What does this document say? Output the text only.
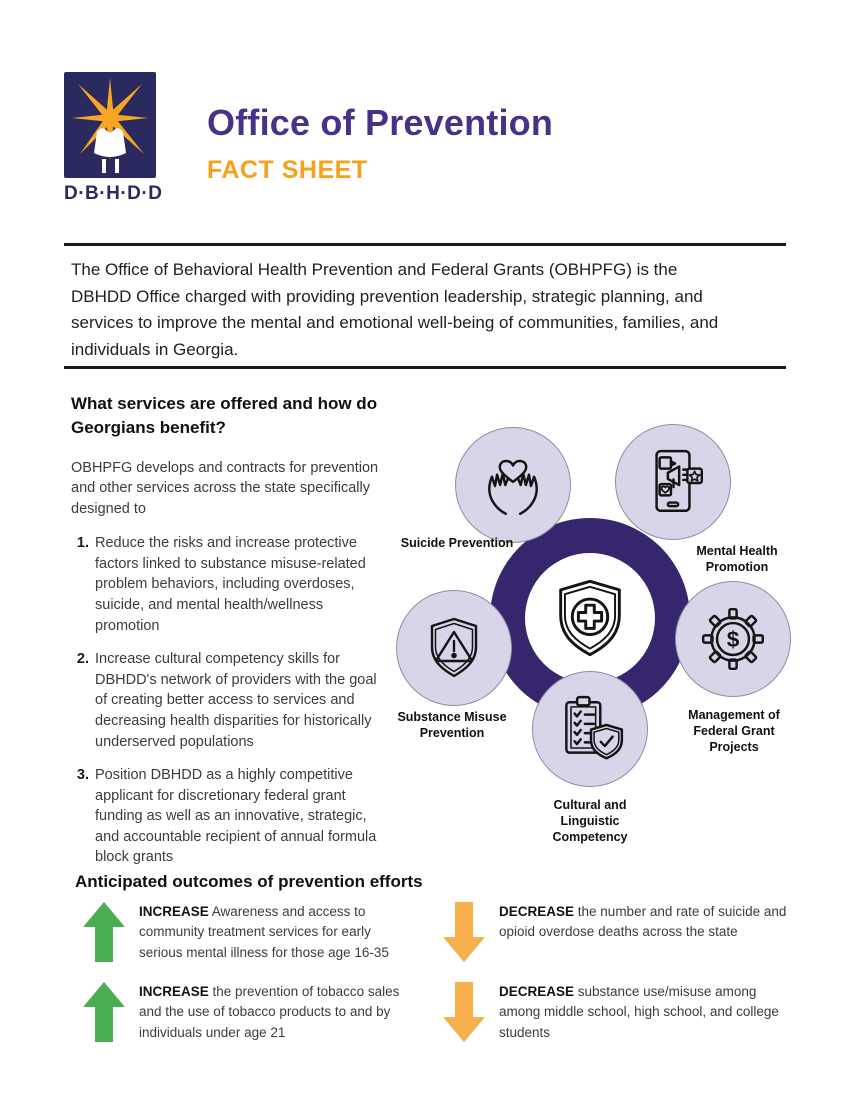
D·B·H·D·D
Office of Prevention
FACT SHEET

The Office of Behavioral Health Prevention and Federal Grants (OBHPFG) is the DBHDD Office charged with providing prevention leadership, strategic planning, and services to improve the mental and emotional well-being of communities, families, and individuals in Georgia.

What services are offered and how do Georgians benefit?

OBHPFG develops and contracts for prevention and other services across the state specifically designed to

1. Reduce the risks and increase protective factors linked to substance misuse-related problem behaviors, including overdoses, suicide, and mental health/wellness promotion
2. Increase cultural competency skills for DBHDD's network of providers with the goal of creating better access to services and decreasing health disparities for historically underserved populations
3. Position DBHDD as a highly competitive applicant for discretionary federal grant funding as well as an innovative, strategic, and accountable recipient of annual formula block grants
$
Suicide Prevention
Mental Health Promotion
Substance Misuse Prevention
Management of Federal Grant Projects
Cultural and Linguistic Competency
Anticipated outcomes of prevention efforts

INCREASE Awareness and access to community treatment services for early serious mental illness for those age 16-35

INCREASE the prevention of tobacco sales and the use of tobacco products to and by individuals under age 21

DECREASE the number and rate of suicide and opioid overdose deaths across the state

DECREASE substance use/misuse among among middle school, high school, and college students
